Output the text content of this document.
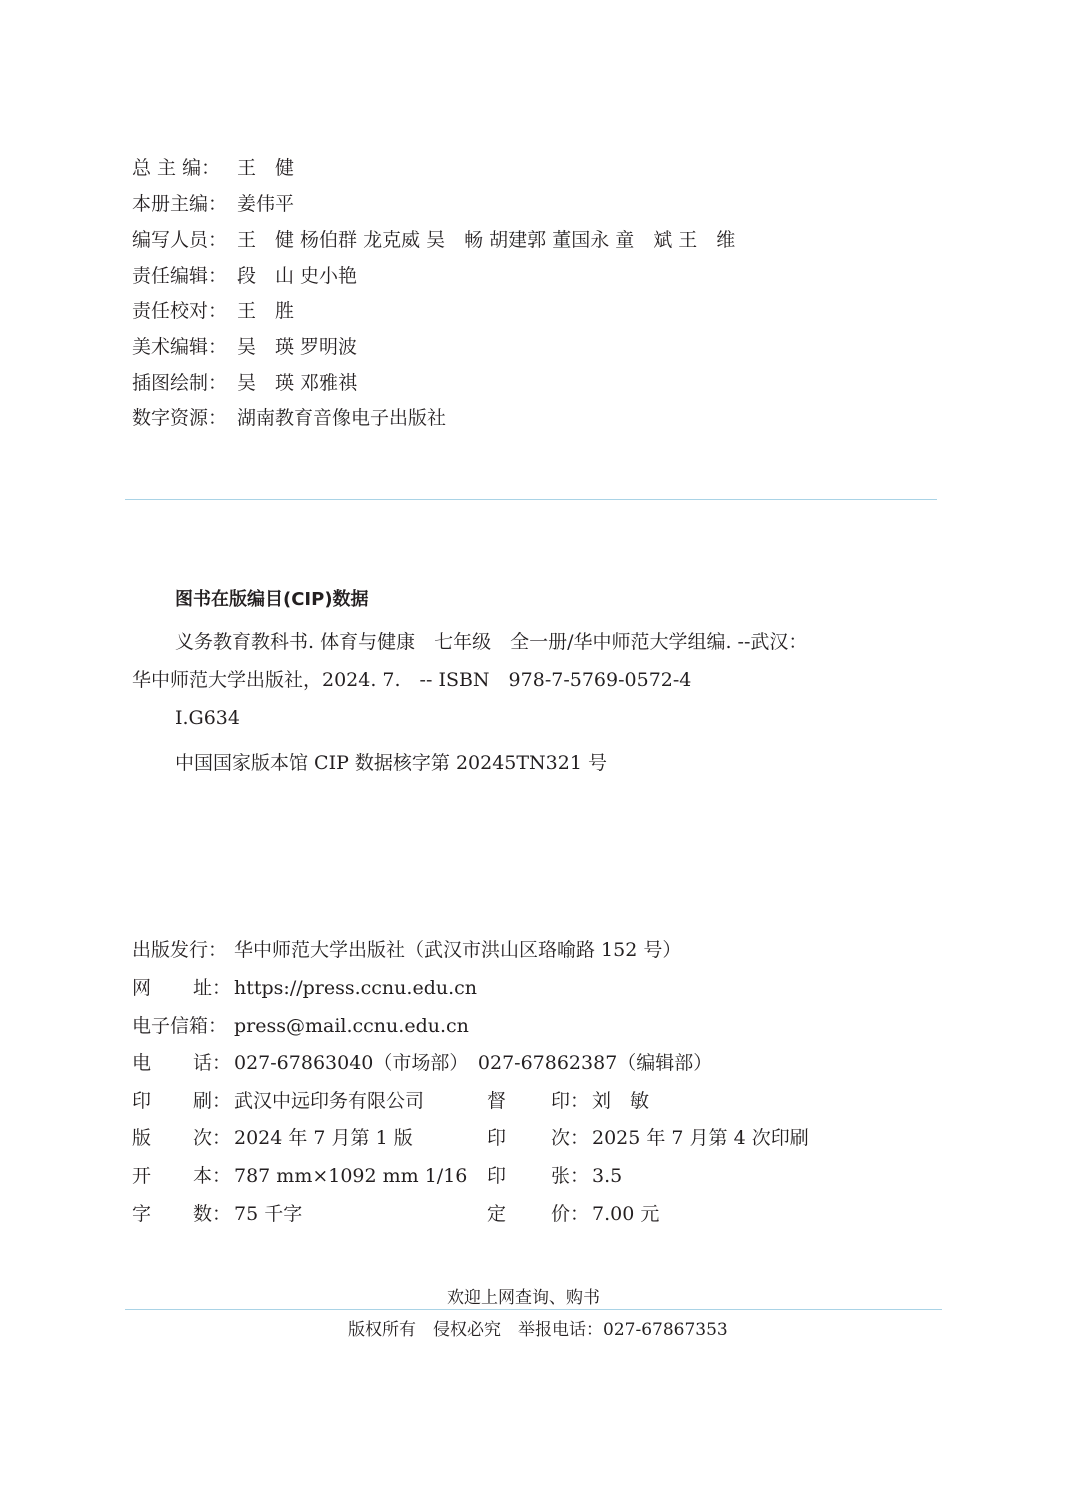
总 主 编： 王　健
本册主编： 姜伟平
编写人员： 王　健 杨伯群 龙克威 吴　畅 胡建郭 董国永 童　斌 王　维
责任编辑： 段　山 史小艳
责任校对： 王　胜
美术编辑： 吴　瑛 罗明波
插图绘制： 吴　瑛 邓雅祺
数字资源： 湖南教育音像电子出版社
图书在版编目(CIP)数据
义务教育教科书. 体育与健康　七年级　全一册/华中师范大学组编. --武汉：
华中师范大学出版社，2024. 7.　-- ISBN　978-7-5769-0572-4
Ⅰ.G634
中国国家版本馆 CIP 数据核字第 20245TN321 号
出版发行： 华中师范大学出版社（武汉市洪山区珞喻路 152 号）
网 址： https://press.ccnu.edu.cn
电子信箱： press@mail.ccnu.edu.cn
电 话： 027-67863040（市场部）　027-67862387（编辑部）
印 刷： 武汉中远印务有限公司	督 印： 刘　敏
版 次： 2024 年 7 月第 1 版	印 次： 2025 年 7 月第 4 次印刷
开 本： 787 mm×1092 mm 1/16 印 张： 3.5
字 数： 75 千字	定 价： 7.00 元
欢迎上网查询、购书
版权所有　侵权必究　举报电话：027-67867353
